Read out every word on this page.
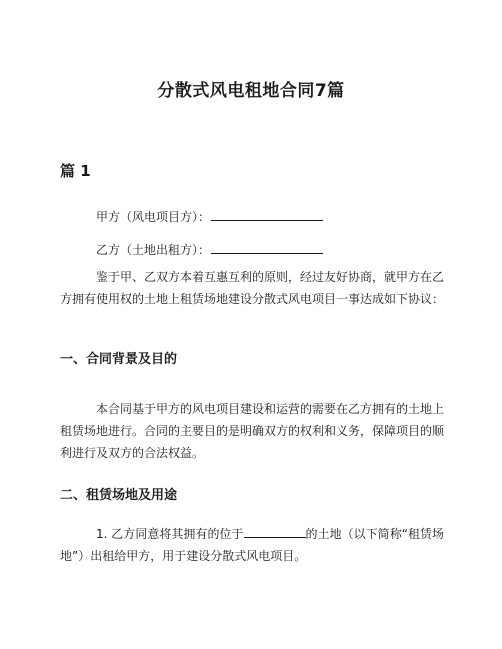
分散式风电租地合同7篇
篇 1
甲方（风电项目方）：
乙方（土地出租方）：

鉴于甲、乙双方本着互惠互利的原则，经过友好协商，就甲方在乙方拥有使用权的土地上租赁场地建设分散式风电项目一事达成如下协议：

一、合同背景及目的

本合同基于甲方的风电项目建设和运营的需要在乙方拥有的土地上租赁场地进行。合同的主要目的是明确双方的权利和义务，保障项目的顺利进行及双方的合法权益。

二、租赁场地及用途

1. 乙方同意将其拥有的位于	的土地（以下简称“租赁场地”）出租给甲方，用于建设分散式风电项目。
